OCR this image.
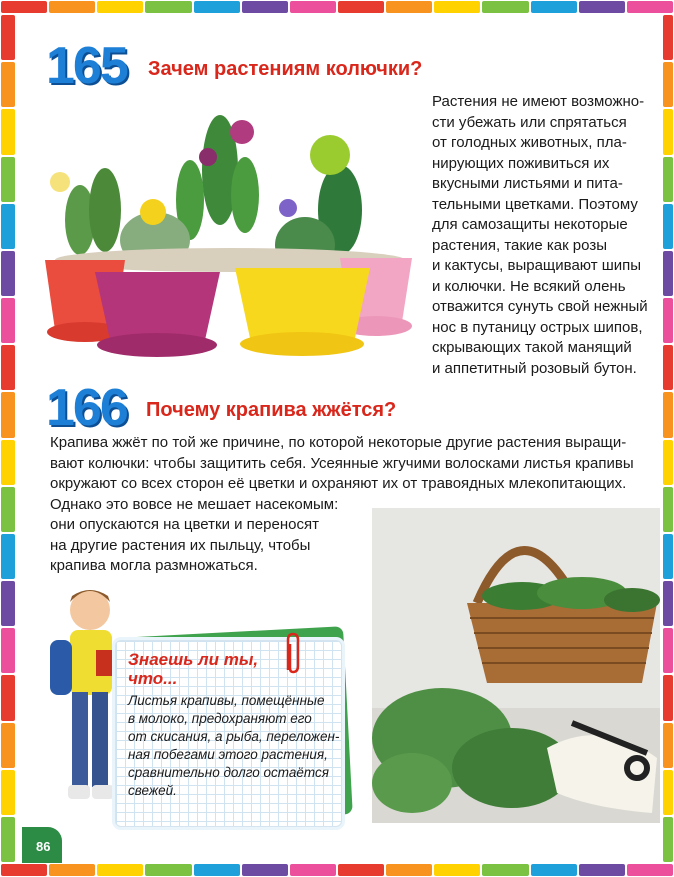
165 Зачем растениям колючки?
Растения не имеют возможно-
сти убежать или спрятаться
от голодных животных, пла-
нирующих поживиться их
вкусными листьями и пита-
тельными цветками. Поэтому
для самозащиты некоторые
растения, такие как розы
и кактусы, выращивают шипы
и колючки. Не всякий олень
отважится сунуть свой нежный
нос в путаницу острых шипов,
скрывающих такой манящий
и аппетитный розовый бутон.
166 Почему крапива жжётся?
Крапива жжёт по той же причине, по которой некоторые другие растения выращи-
вают колючки: чтобы защитить себя. Усеянные жгучими волосками листья крапивы
окружают со всех сторон её цветки и охраняют их от травоядных млекопитающих.
Однако это вовсе не мешает насекомым:
они опускаются на цветки и переносят
на другие растения их пыльцу, чтобы
крапива могла размножаться.
Знаешь ли ты,
что...
Листья крапивы, помещённые
в молоко, предохраняют его
от скисания, а рыба, переложен-
ная побегами этого растения,
сравнительно долго остаётся
свежей.
86
